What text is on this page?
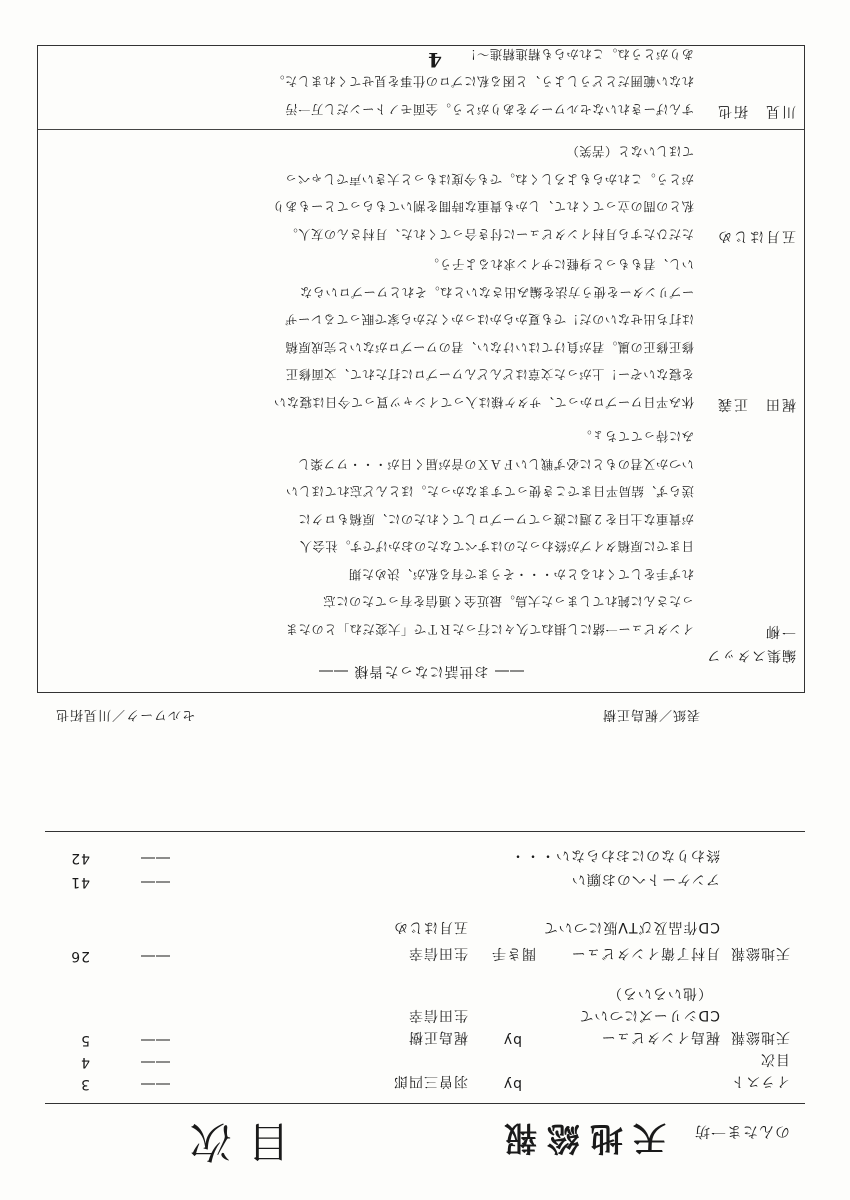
のんたま一坊
天地総報
目次
イラスト
by
羽曽三四郎
――
3
目次
――
4
天地総報
梶島インタビュー
by
梶島正樹
――
5
CDシリーズについて
生田信幸
（他いろいろ）
天地総報
月村了衛インタビュー
聞き手
生田信幸
――
26
CD作品及びTV版について
五月はじめ
アンケートへのお願い
――
41
終わりなのにおわらない・・・
――
42
表紙／梶島正樹
セルワーク／川見拓也
―― お世話になった皆様 ――
編集スタッフ
一柳

インタビュー一緒にし損ねて久々に行ったＲＴで「大変だね」とのたま

ったさんに鈍れてしまった大鳥。最近全く通信を有ってたのに忘

れず手をしてくれるとか・・・そうまで有る私が、決めた期

日までに原稿タイプが終わったのはすべてなたのおかげです。社会人

が貴重な土日を２週に渡ってワープロしてくれたのに、原稿もロクに

送らず、結局平日までこき使ってすまなかった。ほとんど忘れてほしい

いつか又君のもとに必ず戦しいＦＡＸの音が届く日が・・・ワフ楽し

みに待っててちょ。

梶田　正義

休み平日ワープロかって、サタケ様は入ってイシャツ買って今日は寝ない

を寝ないぞー！上がった文章はどんどんワープロに打たれて、文面修正

修正修正の嵐。君が負けてはいけない、君のワープロがないと完成原稿

は打ち出せないのだ！でも夏からかはっかくだから家で眠ってるレーザ

ープリンターを使う方法を編み出さないとね。それとワープロいらな

いし、君ももっと身軽にサイン求れるよ子う。

五月はじめ

ただひたすら月村インタビューに付き合ってくれた、月村さんの友人。

私との間の立ってくれて、しかも貴重な時間を割いてもらってとーもあり

がとう。これからもよろしくね。でも今度はもっと大きい声でしゃべっ

てほしいなと（苦笑）

川見　拓也

すんげーきれいなセルワークをありがとう。全面モノトーンだし万一汚

れない範囲だとどうしよう、と困る私にプロの仕事を見せてくれました。

ありがとうね。これからも精進精進〜！

4
